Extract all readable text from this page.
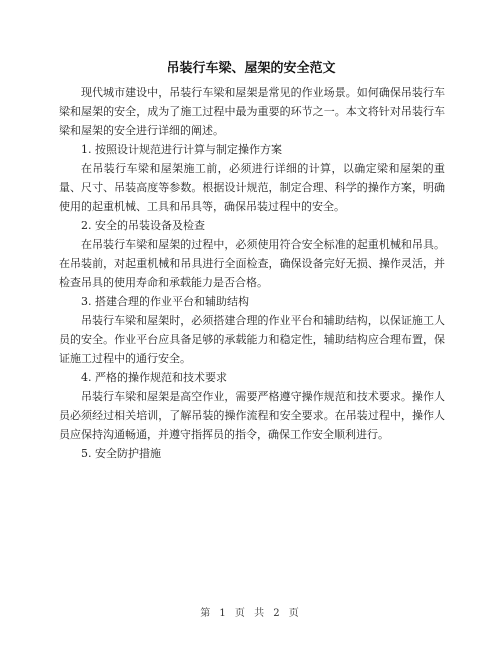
吊装行车梁、屋架的安全范文

现代城市建设中，吊装行车梁和屋架是常见的作业场景。如何确保吊装行车梁和屋架的安全，成为了施工过程中最为重要的环节之一。本文将针对吊装行车梁和屋架的安全进行详细的阐述。

1. 按照设计规范进行计算与制定操作方案

在吊装行车梁和屋架施工前，必须进行详细的计算，以确定梁和屋架的重量、尺寸、吊装高度等参数。根据设计规范，制定合理、科学的操作方案，明确使用的起重机械、工具和吊具等，确保吊装过程中的安全。

2. 安全的吊装设备及检查

在吊装行车梁和屋架的过程中，必须使用符合安全标准的起重机械和吊具。在吊装前，对起重机械和吊具进行全面检查，确保设备完好无损、操作灵活，并检查吊具的使用寿命和承载能力是否合格。

3. 搭建合理的作业平台和辅助结构

吊装行车梁和屋架时，必须搭建合理的作业平台和辅助结构，以保证施工人员的安全。作业平台应具备足够的承载能力和稳定性，辅助结构应合理布置，保证施工过程中的通行安全。

4. 严格的操作规范和技术要求

吊装行车梁和屋架是高空作业，需要严格遵守操作规范和技术要求。操作人员必须经过相关培训，了解吊装的操作流程和安全要求。在吊装过程中，操作人员应保持沟通畅通，并遵守指挥员的指令，确保工作安全顺利进行。

5. 安全防护措施

第 1 页 共 2 页
